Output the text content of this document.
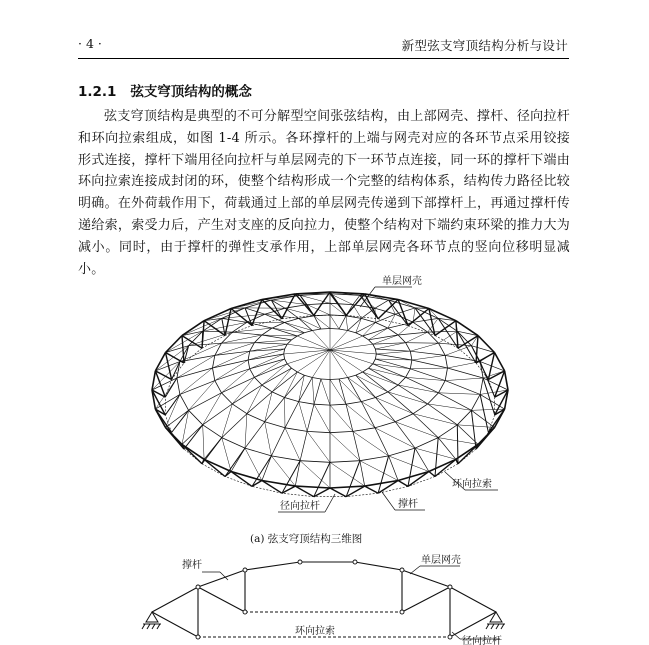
· 4 ·	新型弦支穹顶结构分析与设计
1.2.1 弦支穹顶结构的概念
弦支穹顶结构是典型的不可分解型空间张弦结构，由上部网壳、撑杆、径向拉杆和环向拉索组成，如图 1-4 所示。各环撑杆的上端与网壳对应的各环节点采用铰接形式连接，撑杆下端用径向拉杆与单层网壳的下一环节点连接，同一环的撑杆下端由环向拉索连接成封闭的环，使整个结构形成一个完整的结构体系，结构传力路径比较明确。在外荷载作用下，荷载通过上部的单层网壳传递到下部撑杆上，再通过撑杆传递给索，索受力后，产生对支座的反向拉力，使整个结构对下端约束环梁的推力大为减小。同时，由于撑杆的弹性支承作用，上部单层网壳各环节点的竖向位移明显减小。
单层网壳
环向拉索
撑杆
径向拉杆
(a) 弦支穹顶结构三维图
撑杆	单层网壳
环向拉索
径向拉杆
